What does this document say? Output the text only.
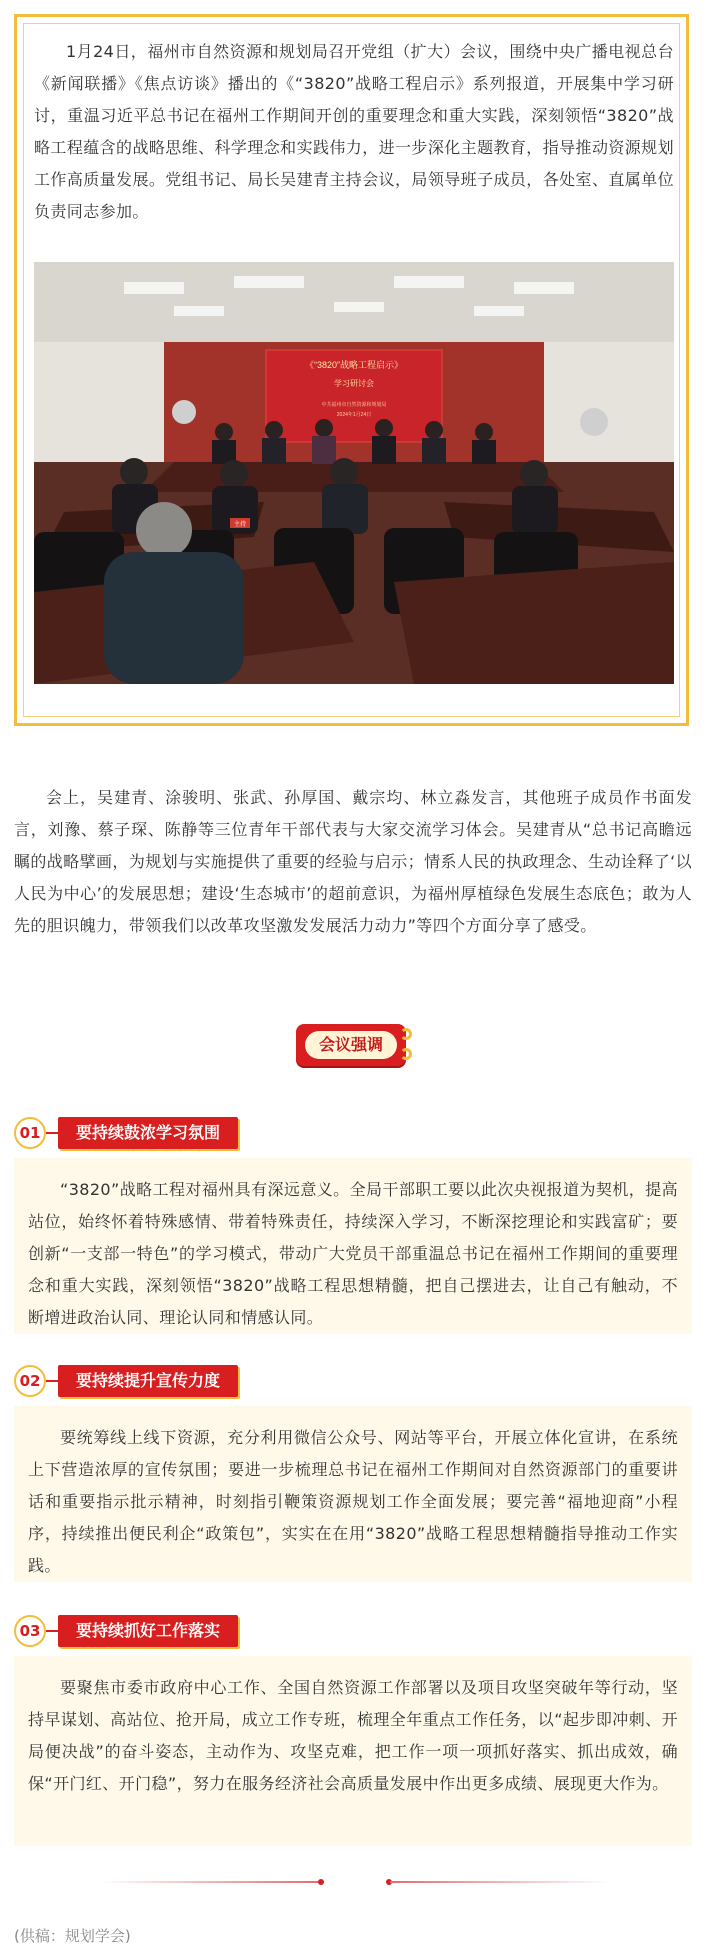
1月24日，福州市自然资源和规划局召开党组（扩大）会议，围绕中央广播电视总台《新闻联播》《焦点访谈》播出的《“3820”战略工程启示》系列报道，开展集中学习研讨，重温习近平总书记在福州工作期间开创的重要理念和重大实践，深刻领悟“3820”战略工程蕴含的战略思维、科学理念和实践伟力，进一步深化主题教育，指导推动资源规划工作高质量发展。党组书记、局长吴建青主持会议，局领导班子成员，各处室、直属单位负责同志参加。

《“3820”战略工程启示》
学习研讨会
中共福州市自然资源和规划局
2024年1月24日
主持

会上，吴建青、涂骏明、张武、孙厚国、戴宗均、林立淼发言，其他班子成员作书面发言，刘豫、蔡子琛、陈静等三位青年干部代表与大家交流学习体会。吴建青从“总书记高瞻远瞩的战略擘画，为规划与实施提供了重要的经验与启示；情系人民的执政理念、生动诠释了‘以人民为中心’的发展思想；建设‘生态城市’的超前意识，为福州厚植绿色发展生态底色；敢为人先的胆识魄力，带领我们以改革攻坚激发发展活力动力”等四个方面分享了感受。

会议强调
01	要持续鼓浓学习氛围

“3820”战略工程对福州具有深远意义。全局干部职工要以此次央视报道为契机，提高站位，始终怀着特殊感情、带着特殊责任，持续深入学习，不断深挖理论和实践富矿；要创新“一支部一特色”的学习模式，带动广大党员干部重温总书记在福州工作期间的重要理念和重大实践，深刻领悟“3820”战略工程思想精髓，把自己摆进去，让自己有触动，不断增进政治认同、理论认同和情感认同。

02	要持续提升宣传力度

要统筹线上线下资源，充分利用微信公众号、网站等平台，开展立体化宣讲，在系统上下营造浓厚的宣传氛围；要进一步梳理总书记在福州工作期间对自然资源部门的重要讲话和重要指示批示精神，时刻指引鞭策资源规划工作全面发展；要完善“福地迎商”小程序，持续推出便民利企“政策包”，实实在在用“3820”战略工程思想精髓指导推动工作实践。

03	要持续抓好工作落实

要聚焦市委市政府中心工作、全国自然资源工作部署以及项目攻坚突破年等行动，坚持早谋划、高站位、抢开局，成立工作专班，梳理全年重点工作任务，以“起步即冲刺、开局便决战”的奋斗姿态，主动作为、攻坚克难，把工作一项一项抓好落实、抓出成效，确保“开门红、开门稳”，努力在服务经济社会高质量发展中作出更多成绩、展现更大作为。

(供稿：规划学会)
